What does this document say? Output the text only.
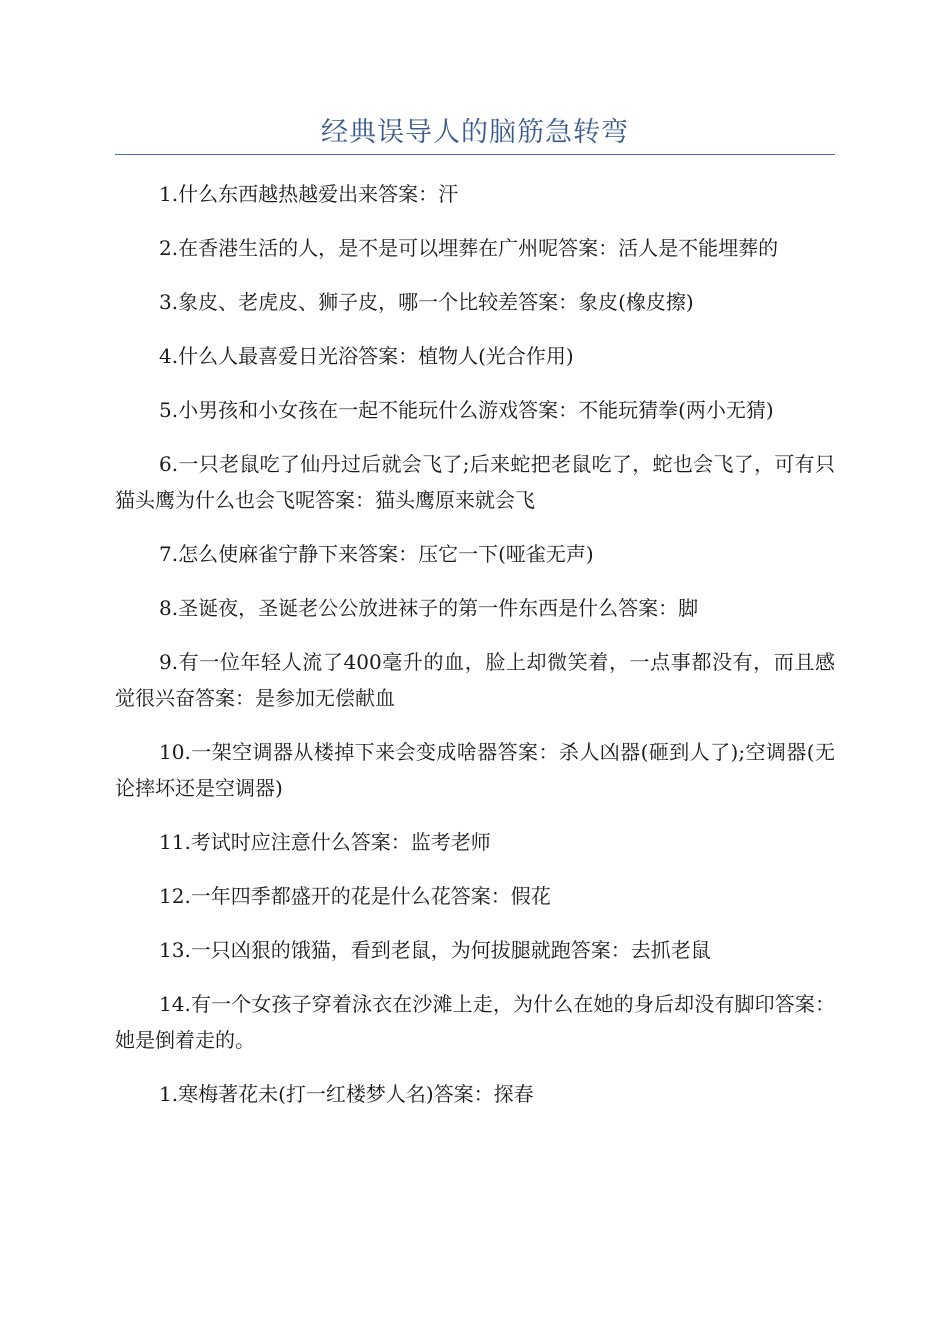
经典误导人的脑筋急转弯

1.什么东西越热越爱出来答案：汗

2.在香港生活的人，是不是可以埋葬在广州呢答案：活人是不能埋葬的

3.象皮、老虎皮、狮子皮，哪一个比较差答案：象皮(橡皮擦)

4.什么人最喜爱日光浴答案：植物人(光合作用)

5.小男孩和小女孩在一起不能玩什么游戏答案：不能玩猜拳(两小无猜)

6.一只老鼠吃了仙丹过后就会飞了;后来蛇把老鼠吃了，蛇也会飞了，可有只猫头鹰为什么也会飞呢答案：猫头鹰原来就会飞

7.怎么使麻雀宁静下来答案：压它一下(哑雀无声)

8.圣诞夜，圣诞老公公放进袜子的第一件东西是什么答案：脚

9.有一位年轻人流了400毫升的血，脸上却微笑着，一点事都没有，而且感觉很兴奋答案：是参加无偿献血

10.一架空调器从楼掉下来会变成啥器答案：杀人凶器(砸到人了);空调器(无论摔坏还是空调器)

11.考试时应注意什么答案：监考老师

12.一年四季都盛开的花是什么花答案：假花

13.一只凶狠的饿猫，看到老鼠，为何拔腿就跑答案：去抓老鼠

14.有一个女孩子穿着泳衣在沙滩上走，为什么在她的身后却没有脚印答案：她是倒着走的。

1.寒梅著花未(打一红楼梦人名)答案：探春
